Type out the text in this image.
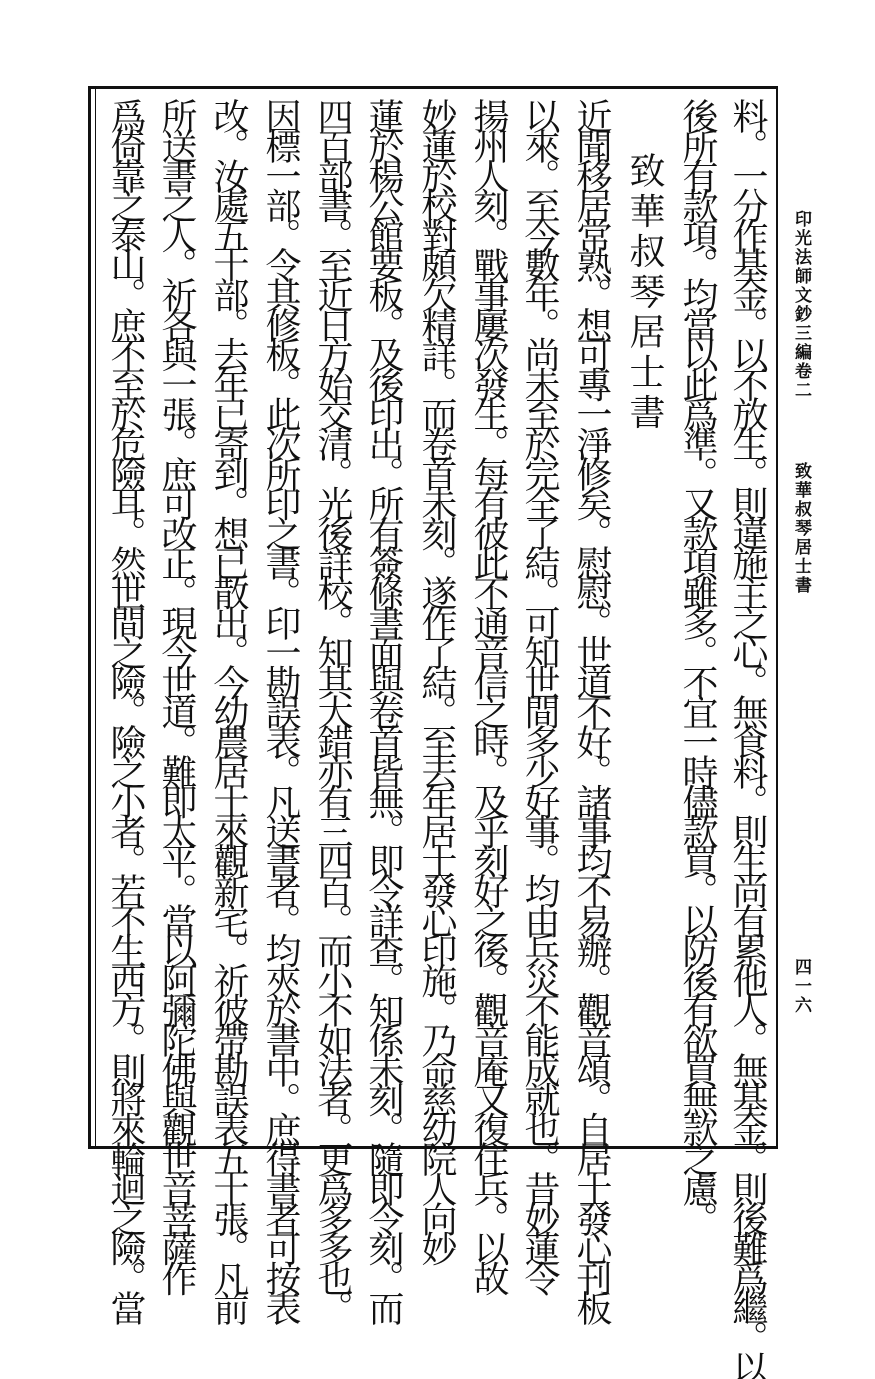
印光法師文鈔三編卷二
致華叔琴居士書
四一六
料。一分作基金。以不放生。則違施主之心。無食料。則生尚有累他人。無基金。則後難爲繼。以
後所有款項。均當以此爲準。又款項雖多。不宜一時儘款買。以防後有欲買無款之慮。
致華叔琴居士書
近聞移居常熟。想可專一淨修矣。慰慰。世道不好。諸事均不易辦。觀音頌。自居士發心刊板
以來。至今數年。尚未至於完全了結。可知世間多少好事。均由兵災不能成就也。昔妙蓮令
揚州人刻。戰事屢次發生。每有彼此不通音信之時。及乎刻好之後。觀音庵又復住兵。以故
妙蓮於校對頗欠精詳。而卷首未刻。遂作了結。至去年居士發心印施。乃命慈幼院人向妙
蓮於楊公館要板。及後印出。所有簽條書面與卷首皆無。即令詳查。知係未刻。隨即令刻。而
四百部書。至近日方始交清。光後詳校。知其大錯亦有三四百。而小不如法者。更爲多多也。
因標一部。令其修板。此次所印之書。印一勘誤表。凡送書者。均夾於書中。庶得書者可按表
改。汝處五十部。去年已寄到。想已散出。今幼農居士來觀新宅。祈彼帶勘誤表五十張。凡前
所送書之人。祈各與一張。庶可改正。現今世道。難即太平。當以阿彌陀佛與觀世音菩薩作
爲倚靠之泰山。庶不至於危險耳。然世間之險。險之小者。若不生西方。則將來輪迴之險。當
